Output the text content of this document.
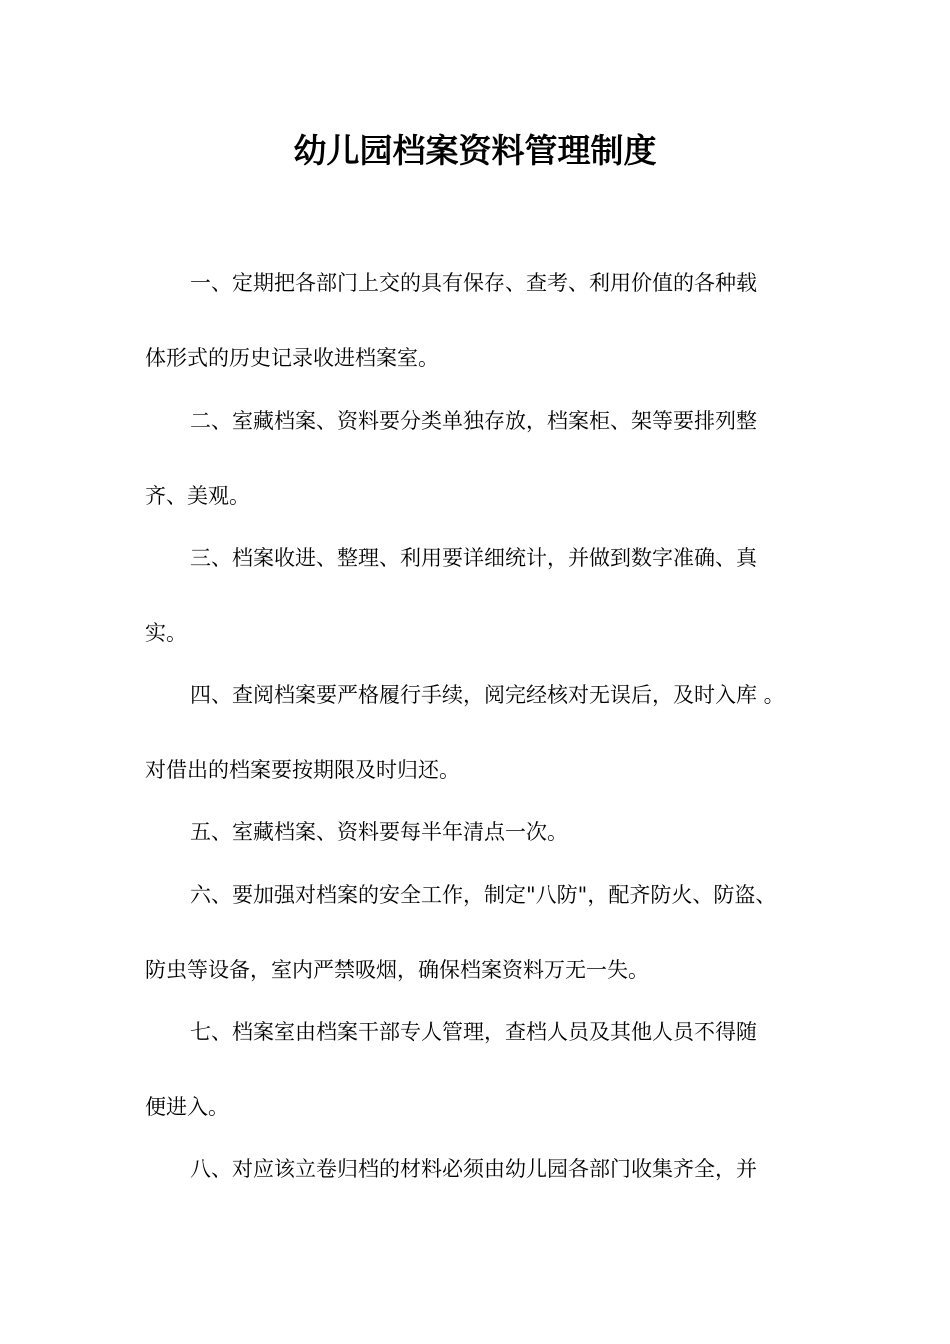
幼儿园档案资料管理制度

一、定期把各部门上交的具有保存、查考、利用价值的各种载

体形式的历史记录收进档案室。

二、室藏档案、资料要分类单独存放，档案柜、架等要排列整

齐、美观。

三、档案收进、整理、利用要详细统计，并做到数字准确、真

实。

四、查阅档案要严格履行手续，阅完经核对无误后，及时入库 。

对借出的档案要按期限及时归还。

五、室藏档案、资料要每半年清点一次。

六、要加强对档案的安全工作，制定"八防"，配齐防火、防盗、

防虫等设备，室内严禁吸烟，确保档案资料万无一失。

七、档案室由档案干部专人管理，查档人员及其他人员不得随

便进入。

八、对应该立卷归档的材料必须由幼儿园各部门收集齐全，并
